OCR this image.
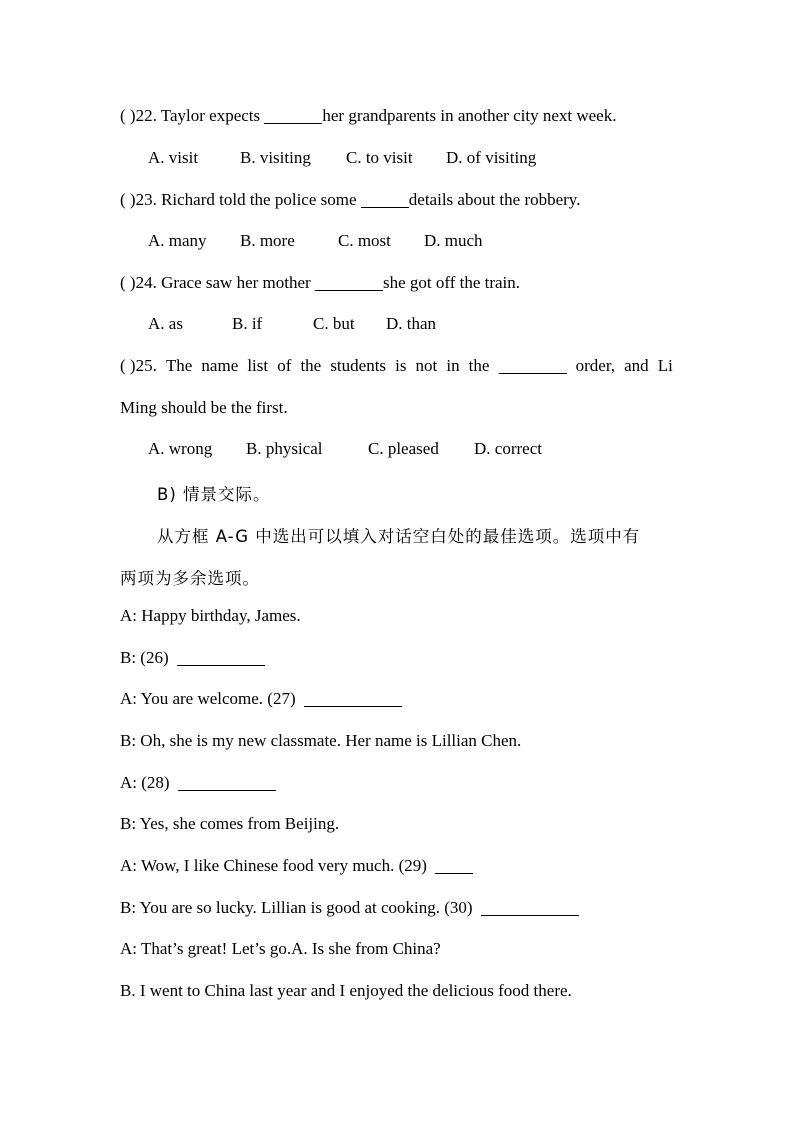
( )22. Taylor expects	her grandparents in another city next week.
A. visit B. visiting C. to visit D. of visiting
( )23. Richard told the police some	details about the robbery.
A. many B. more	C. most D. much
( )24. Grace saw her mother	she got off the train.
A. as	B. if	C. but D. than
( )25. The name list of the students is not in the	order, and Li
Ming should be the first.
A. wrong B. physical	C. pleased D. correct
B) 情景交际。
从方框 A-G 中选出可以填入对话空白处的最佳选项。选项中有
两项为多余选项。
A: Happy birthday, James.
B: (26)
A: You are welcome. (27)
B: Oh, she is my new classmate. Her name is Lillian Chen.
A: (28)
B: Yes, she comes from Beijing.
A: Wow, I like Chinese food very much. (29)
B: You are so lucky. Lillian is good at cooking. (30)
A: That’s great! Let’s go.A. Is she from China?
B. I went to China last year and I enjoyed the delicious food there.
